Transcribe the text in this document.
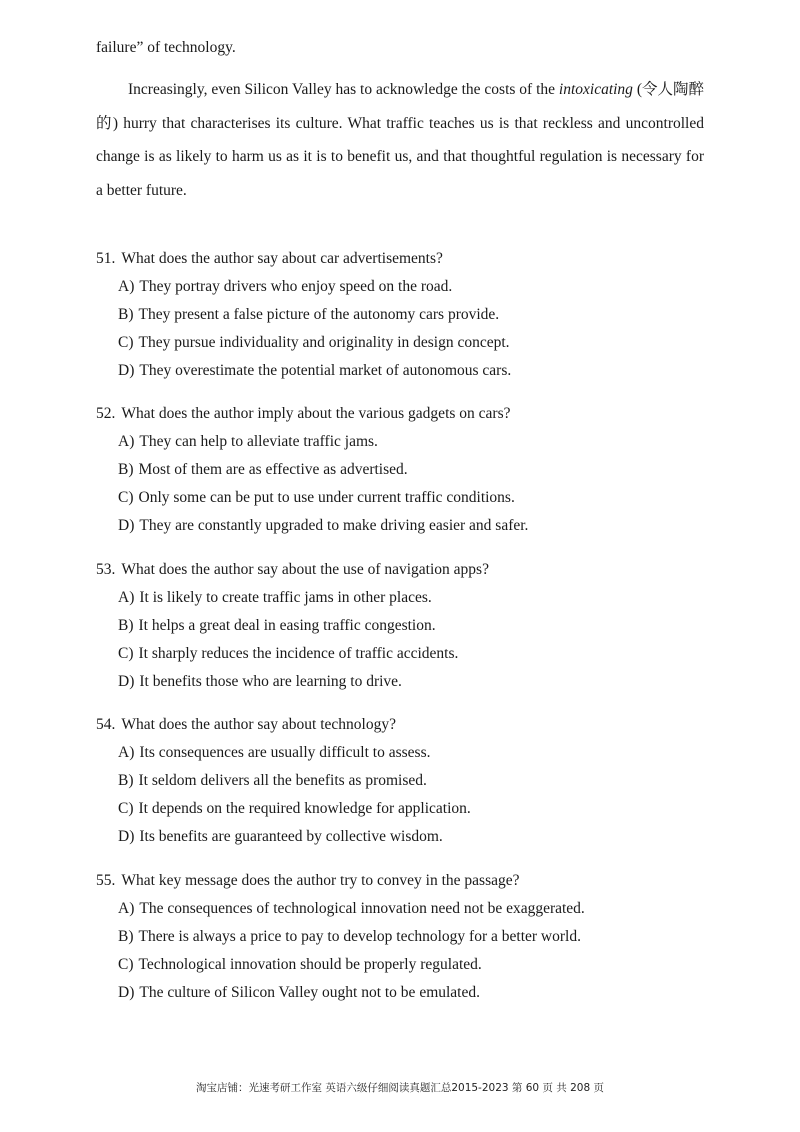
failure” of technology.
Increasingly, even Silicon Valley has to acknowledge the costs of the intoxicating (令人陶醉的) hurry that characterises its culture. What traffic teaches us is that reckless and uncontrolled change is as likely to harm us as it is to benefit us, and that thoughtful regulation is necessary for a better future.
51. What does the author say about car advertisements?
A) They portray drivers who enjoy speed on the road.
B) They present a false picture of the autonomy cars provide.
C) They pursue individuality and originality in design concept.
D) They overestimate the potential market of autonomous cars.
52. What does the author imply about the various gadgets on cars?
A) They can help to alleviate traffic jams.
B) Most of them are as effective as advertised.
C) Only some can be put to use under current traffic conditions.
D) They are constantly upgraded to make driving easier and safer.
53. What does the author say about the use of navigation apps?
A) It is likely to create traffic jams in other places.
B) It helps a great deal in easing traffic congestion.
C) It sharply reduces the incidence of traffic accidents.
D) It benefits those who are learning to drive.
54. What does the author say about technology?
A) Its consequences are usually difficult to assess.
B) It seldom delivers all the benefits as promised.
C) It depends on the required knowledge for application.
D) Its benefits are guaranteed by collective wisdom.
55. What key message does the author try to convey in the passage?
A) The consequences of technological innovation need not be exaggerated.
B) There is always a price to pay to develop technology for a better world.
C) Technological innovation should be properly regulated.
D) The culture of Silicon Valley ought not to be emulated.
淘宝店铺：光速考研工作室 英语六级仔细阅读真题汇总2015-2023 第 60 页 共 208 页
